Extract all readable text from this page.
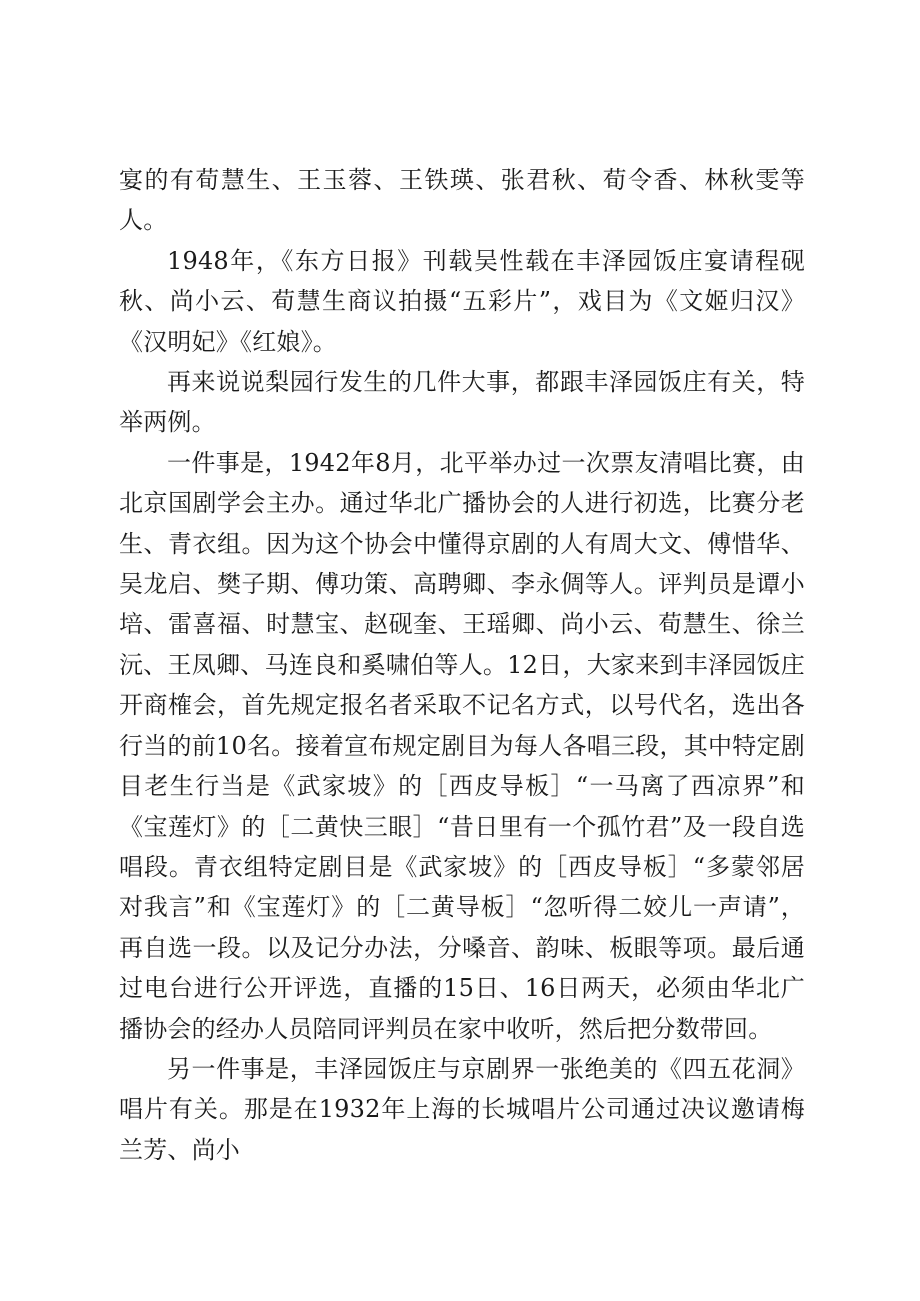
宴的有荀慧生、王玉蓉、王铁瑛、张君秋、荀令香、林秋雯等人。

1948年，《东方日报》刊载吴性载在丰泽园饭庄宴请程砚秋、尚小云、荀慧生商议拍摄“五彩片”，戏目为《文姬归汉》《汉明妃》《红娘》。

再来说说梨园行发生的几件大事，都跟丰泽园饭庄有关，特举两例。

一件事是，1942年8月，北平举办过一次票友清唱比赛，由北京国剧学会主办。通过华北广播协会的人进行初选，比赛分老生、青衣组。因为这个协会中懂得京剧的人有周大文、傅惜华、吴龙启、樊子期、傅功策、高聘卿、李永倜等人。评判员是谭小培、雷喜福、时慧宝、赵砚奎、王瑶卿、尚小云、荀慧生、徐兰沅、王凤卿、马连良和奚啸伯等人。12日，大家来到丰泽园饭庄开商榷会，首先规定报名者采取不记名方式，以号代名，选出各行当的前10名。接着宣布规定剧目为每人各唱三段，其中特定剧目老生行当是《武家坡》的［西皮导板］“一马离了西凉界”和《宝莲灯》的［二黄快三眼］“昔日里有一个孤竹君”及一段自选唱段。青衣组特定剧目是《武家坡》的［西皮导板］“多蒙邻居对我言”和《宝莲灯》的［二黄导板］“忽听得二姣儿一声请”，再自选一段。以及记分办法，分嗓音、韵味、板眼等项。最后通过电台进行公开评选，直播的15日、16日两天，必须由华北广播协会的经办人员陪同评判员在家中收听，然后把分数带回。

另一件事是，丰泽园饭庄与京剧界一张绝美的《四五花洞》唱片有关。那是在1932年上海的长城唱片公司通过决议邀请梅兰芳、尚小
